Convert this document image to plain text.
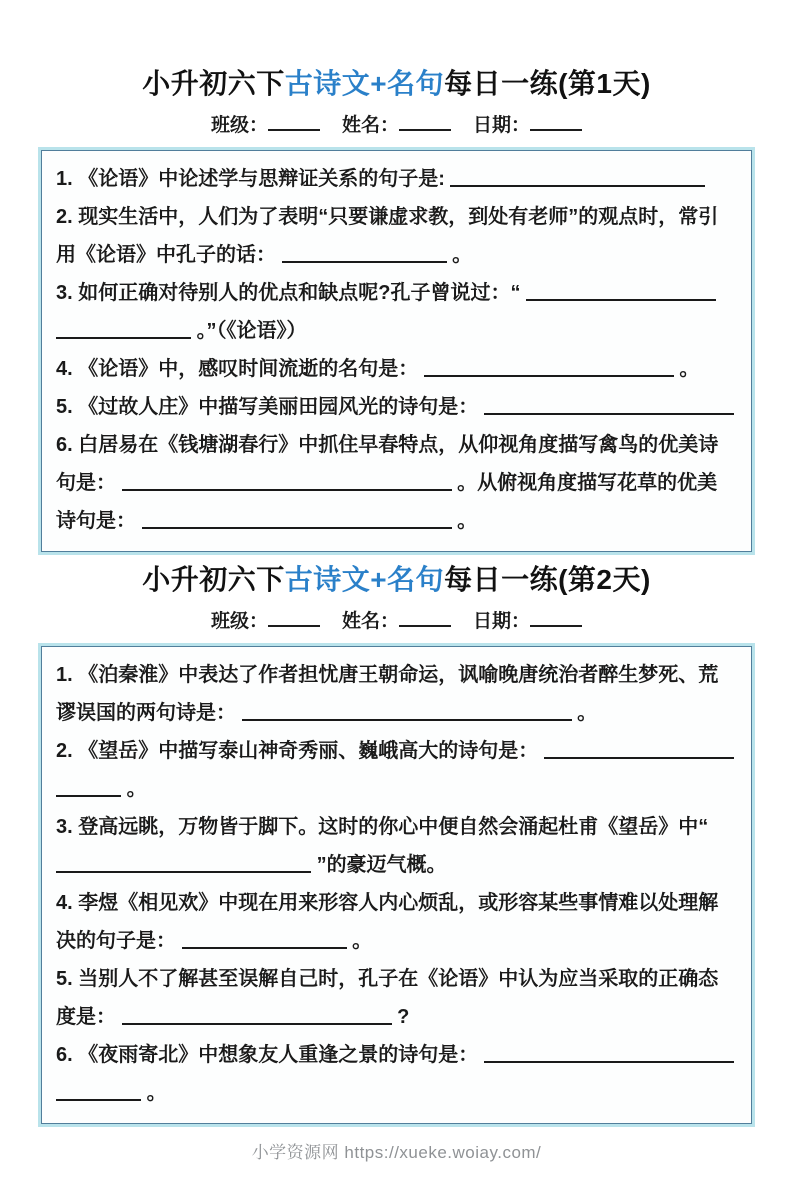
小升初六下古诗文+名句每日一练(第1天)
班级：	姓名：	日期：
1. 《论语》中论述学与思辩证关系的句子是:
2. 现实生活中，人们为了表明“只要谦虚求教，到处有老师”的观点时，常引用《论语》中孔子的话：	。
3. 如何正确对待别人的优点和缺点呢?孔子曾说过：“   。”（《论语》）
4. 《论语》中，感叹时间流逝的名句是：	。
5. 《过故人庄》中描写美丽田园风光的诗句是：
6. 白居易在《钱塘湖春行》中抓住早春特点，从仰视角度描写禽鸟的优美诗句是：	。从俯视角度描写花草的优美诗句是：	。
小升初六下古诗文+名句每日一练(第2天)
班级：	姓名：	日期：
1. 《泊秦淮》中表达了作者担忧唐王朝命运，讽喻晚唐统治者醉生梦死、荒谬误国的两句诗是：	。
2. 《望岳》中描写泰山神奇秀丽、巍峨高大的诗句是：   。
3. 登高远眺，万物皆于脚下。这时的你心中便自然会涌起杜甫《望岳》中“  ”的豪迈气概。
4. 李煜《相见欢》中现在用来形容人内心烦乱，或形容某些事情难以处理解决的句子是：	。
5. 当别人不了解甚至误解自己时，孔子在《论语》中认为应当采取的正确态度是：	?
6. 《夜雨寄北》中想象友人重逢之景的诗句是：   。
小学资源网 https://xueke.woiay.com/
